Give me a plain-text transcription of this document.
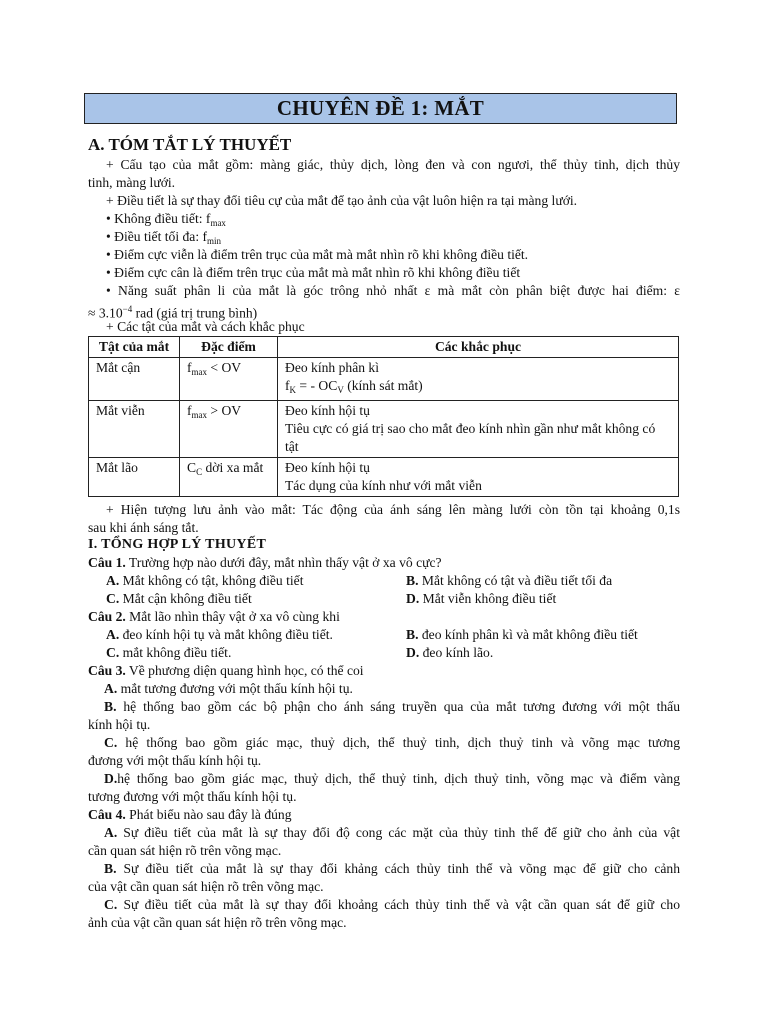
CHUYÊN ĐỀ 1: MẮT
A. TÓM TẮT LÝ THUYẾT
+ Cấu tạo của mắt gồm: màng giác, thủy dịch, lòng đen và con ngươi, thể thủy tinh, dịch thủy
tinh, màng lưới.
+ Điều tiết là sự thay đổi tiêu cự của mắt để tạo ảnh của vật luôn hiện ra tại màng lưới.
• Không điều tiết: $f_{max}$
• Điều tiết tối đa: $f_{min}$
• Điểm cực viễn là điểm trên trục của mắt mà mắt nhìn rõ khi không điều tiết.
• Điểm cực cân là điểm trên trục của mắt mà mắt nhìn rõ khi không điều tiết
• Năng suất phân li của mắt là góc trông nhỏ nhất ε mà mắt còn phân biệt được hai điểm: ε
≈ $3.10^{-4}$ rad (giá trị trung bình)
+ Các tật của mắt và cách khắc phục
Tật của mắt	Đặc điểm	Các khắc phục
Mắt cận	$f_{max}$ < OV	Đeo kính phân kì
$f_K$ = - $OC_V$ (kính sát mắt)

Mắt viễn	$f_{max}$ > OV	Đeo kính hội tụ
Tiêu cực có giá trị sao cho mắt đeo kính nhìn gần như mắt không có tật

Mắt lão	$C_C$ dời xa mắt	Đeo kính hội tụ
Tác dụng của kính như với mắt viễn
+ Hiện tượng lưu ảnh vào mắt: Tác động của ánh sáng lên màng lưới còn tồn tại khoảng 0,1s
sau khi ánh sáng tắt.
I. TỔNG HỢP LÝ THUYẾT
Câu 1. Trường hợp nào dưới đây, mắt nhìn thấy vật ở xa vô cực?
A. Mắt không có tật, không điều tiết	B. Mắt không có tật và điều tiết tối đa
C. Mắt cận không điều tiết	D. Mắt viễn không điều tiết
Câu 2. Mắt lão nhìn thây vật ở xa vô cùng khi
A. đeo kính hội tụ và mắt không điều tiết.	B. đeo kính phân kì và mắt không điều tiết
C. mắt không điều tiết.	D. đeo kính lão.
Câu 3. Về phương diện quang hình học, có thể coi
A. mắt tương đương với một thấu kính hội tụ.
B. hệ thống bao gồm các bộ phận cho ánh sáng truyền qua của mắt tương đương với một thấu
kính hội tụ.
C. hệ thống bao gồm giác mạc, thuỷ dịch, thể thuỷ tinh, dịch thuỷ tinh và võng mạc tương
đương với một thấu kính hội tụ.
D.hệ thống bao gồm giác mạc, thuỷ dịch, thể thuỷ tinh, dịch thuỷ tinh, võng mạc và điểm vàng
tương đương với một thấu kính hội tụ.
Câu 4. Phát biểu nào sau đây là đúng
A. Sự điều tiết của mắt là sự thay đổi độ cong các mặt của thủy tinh thể để giữ cho ảnh của vật
cần quan sát hiện rõ trên võng mạc.
B. Sự điều tiết của mắt là sự thay đổi khảng cách thủy tinh thể và võng mạc để giữ cho cảnh
của vật cần quan sát hiện rõ trên võng mạc.
C. Sự điều tiết của mắt là sự thay đổi khoảng cách thủy tinh thể và vật cần quan sát để giữ cho
ảnh của vật cần quan sát hiện rõ trên võng mạc.
